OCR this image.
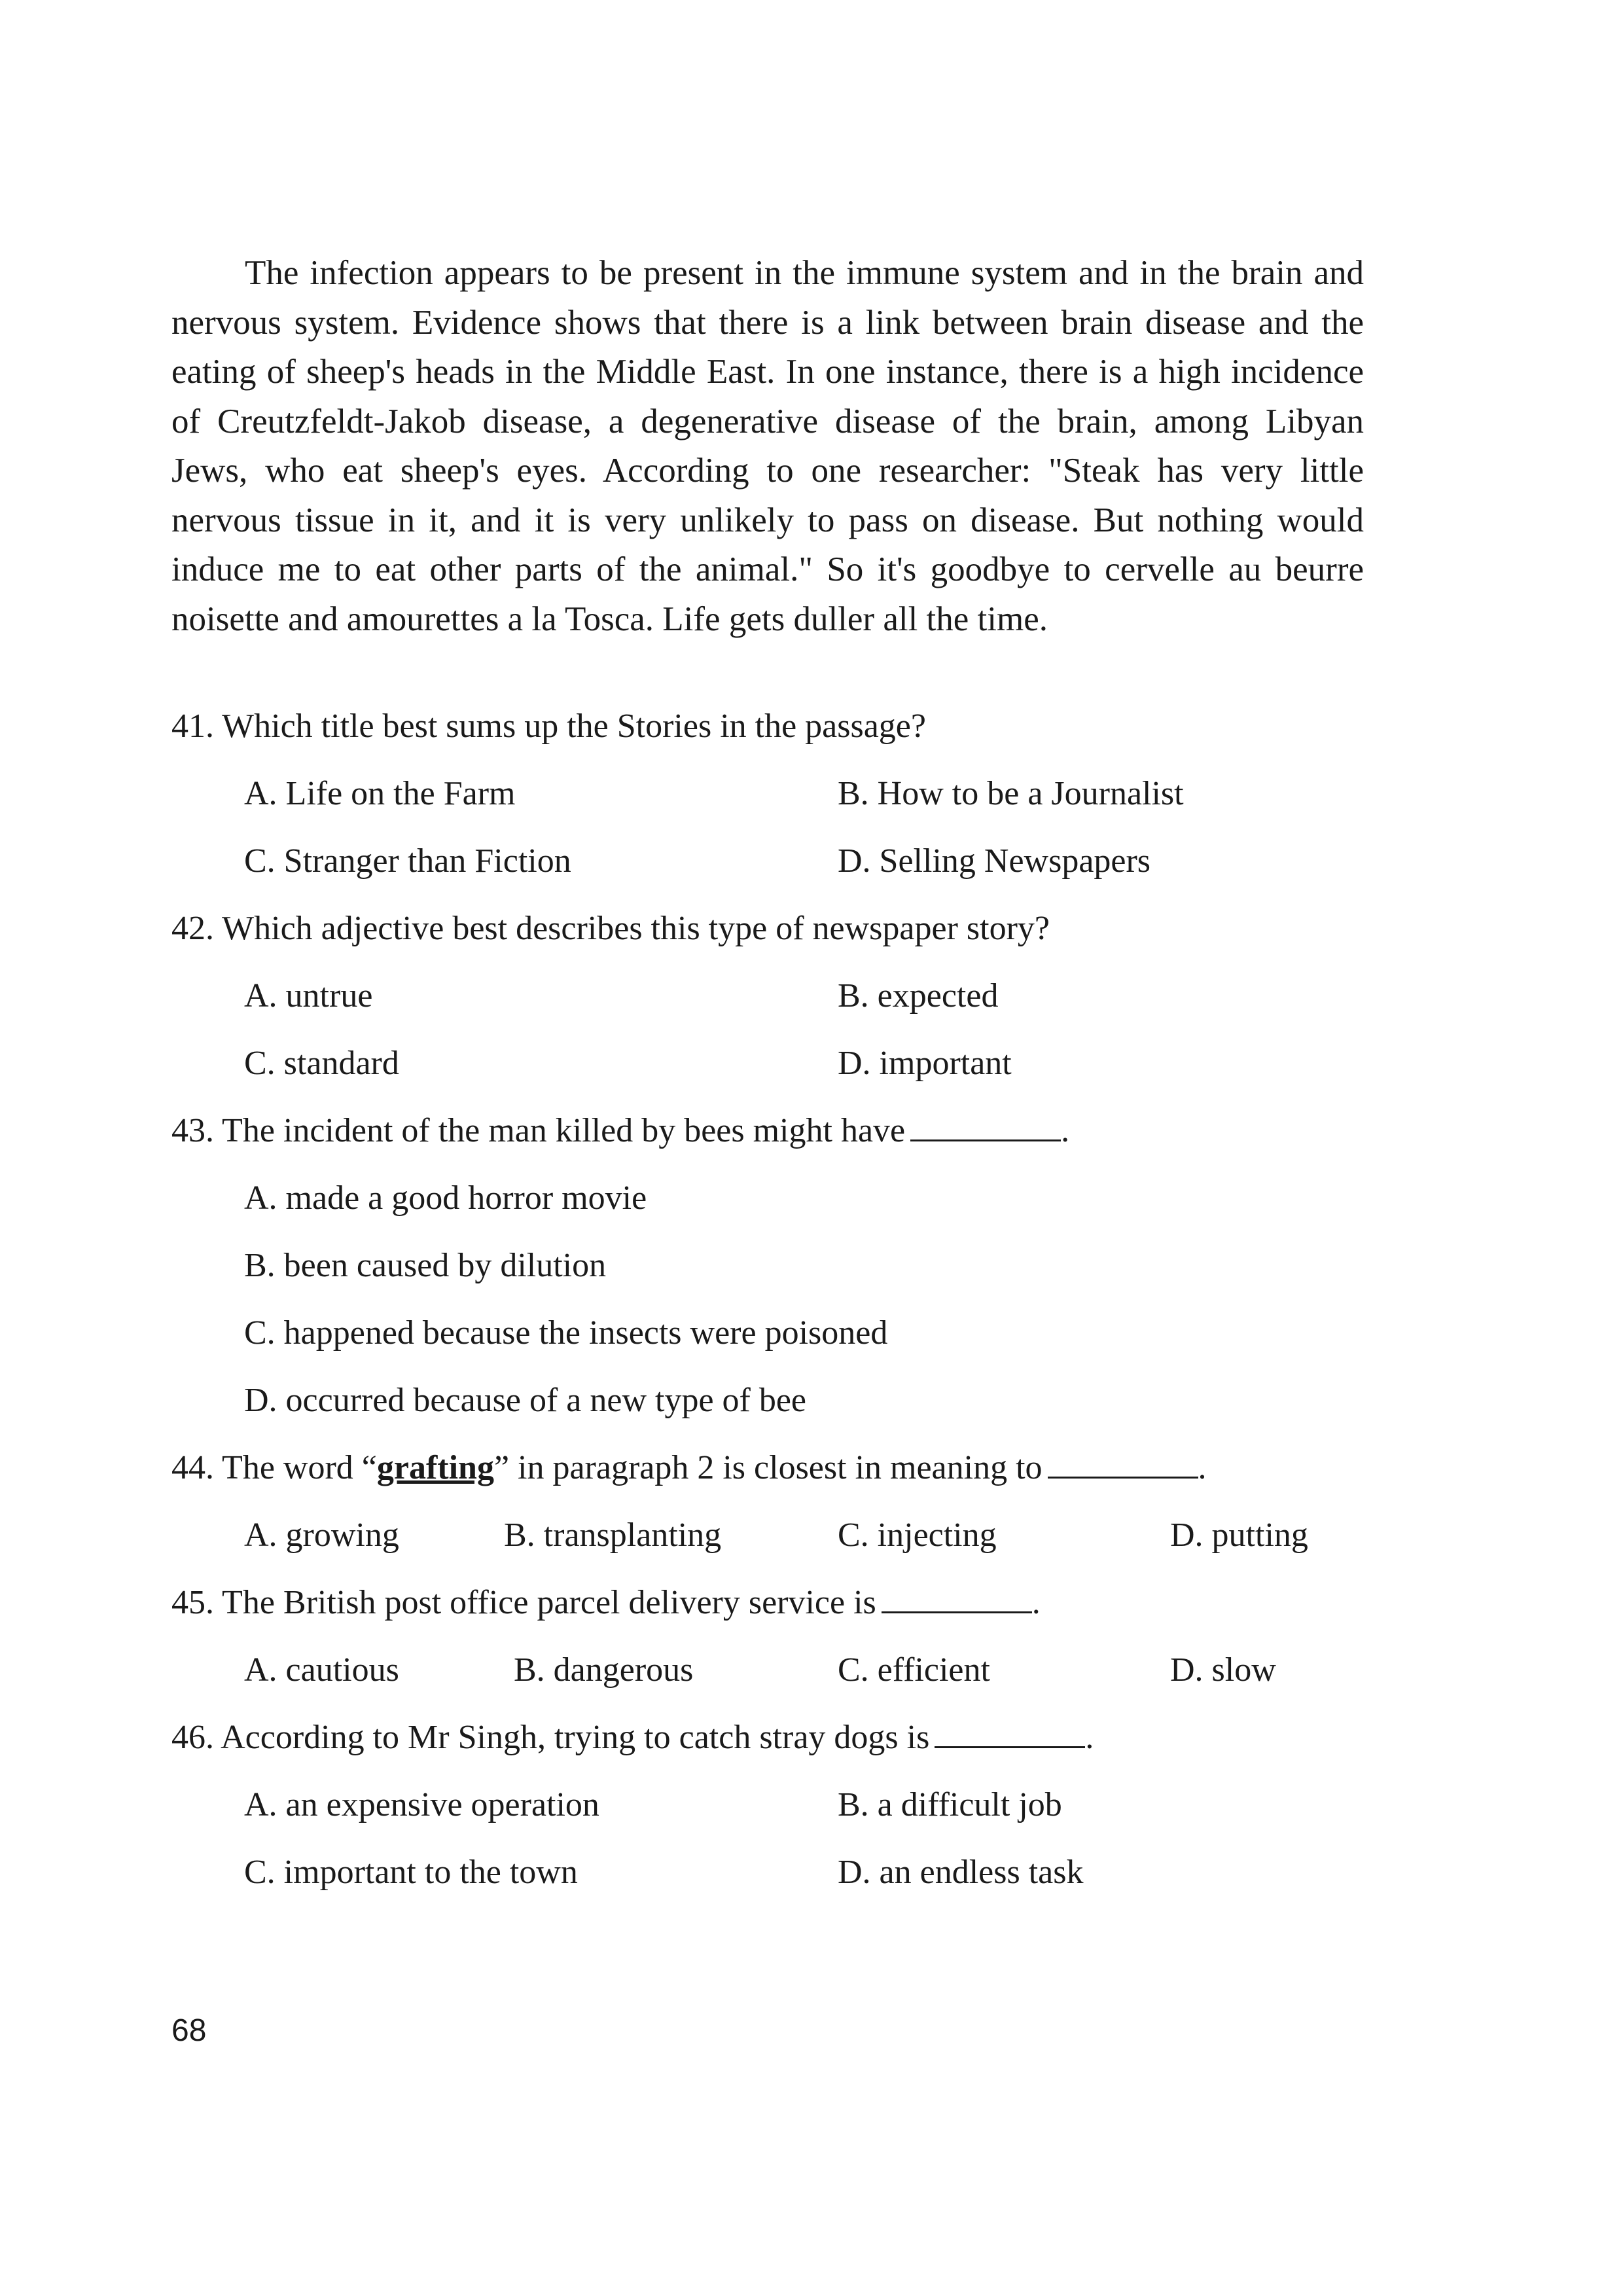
The infection appears to be present in the immune system and in the brain and nervous system. Evidence shows that there is a link between brain disease and the eating of sheep's heads in the Middle East. In one instance, there is a high incidence of Creutzfeldt-Jakob disease, a degenerative disease of the brain, among Libyan Jews, who eat sheep's eyes. According to one researcher: "Steak has very little nervous tissue in it, and it is very unlikely to pass on disease. But nothing would induce me to eat other parts of the animal." So it's goodbye to cervelle au beurre noisette and amourettes a la Tosca. Life gets duller all the time.

41. Which title best sums up the Stories in the passage?
A. Life on the Farm	B. How to be a Journalist
C. Stranger than Fiction	D. Selling Newspapers
42. Which adjective best describes this type of newspaper story?
A. untrue	B. expected
C. standard	D. important
43. The incident of the man killed by bees might have	.
A. made a good horror movie
B. been caused by dilution
C. happened because the insects were poisoned
D. occurred because of a new type of bee
44. The word “grafting” in paragraph 2 is closest in meaning to	.
A. growing	B. transplanting	C. injecting	D. putting
45. The British post office parcel delivery service is	.
A. cautious	B. dangerous	C. efficient	D. slow
46. According to Mr Singh, trying to catch stray dogs is	.
A. an expensive operation	B. a difficult job
C. important to the town	D. an endless task
68
